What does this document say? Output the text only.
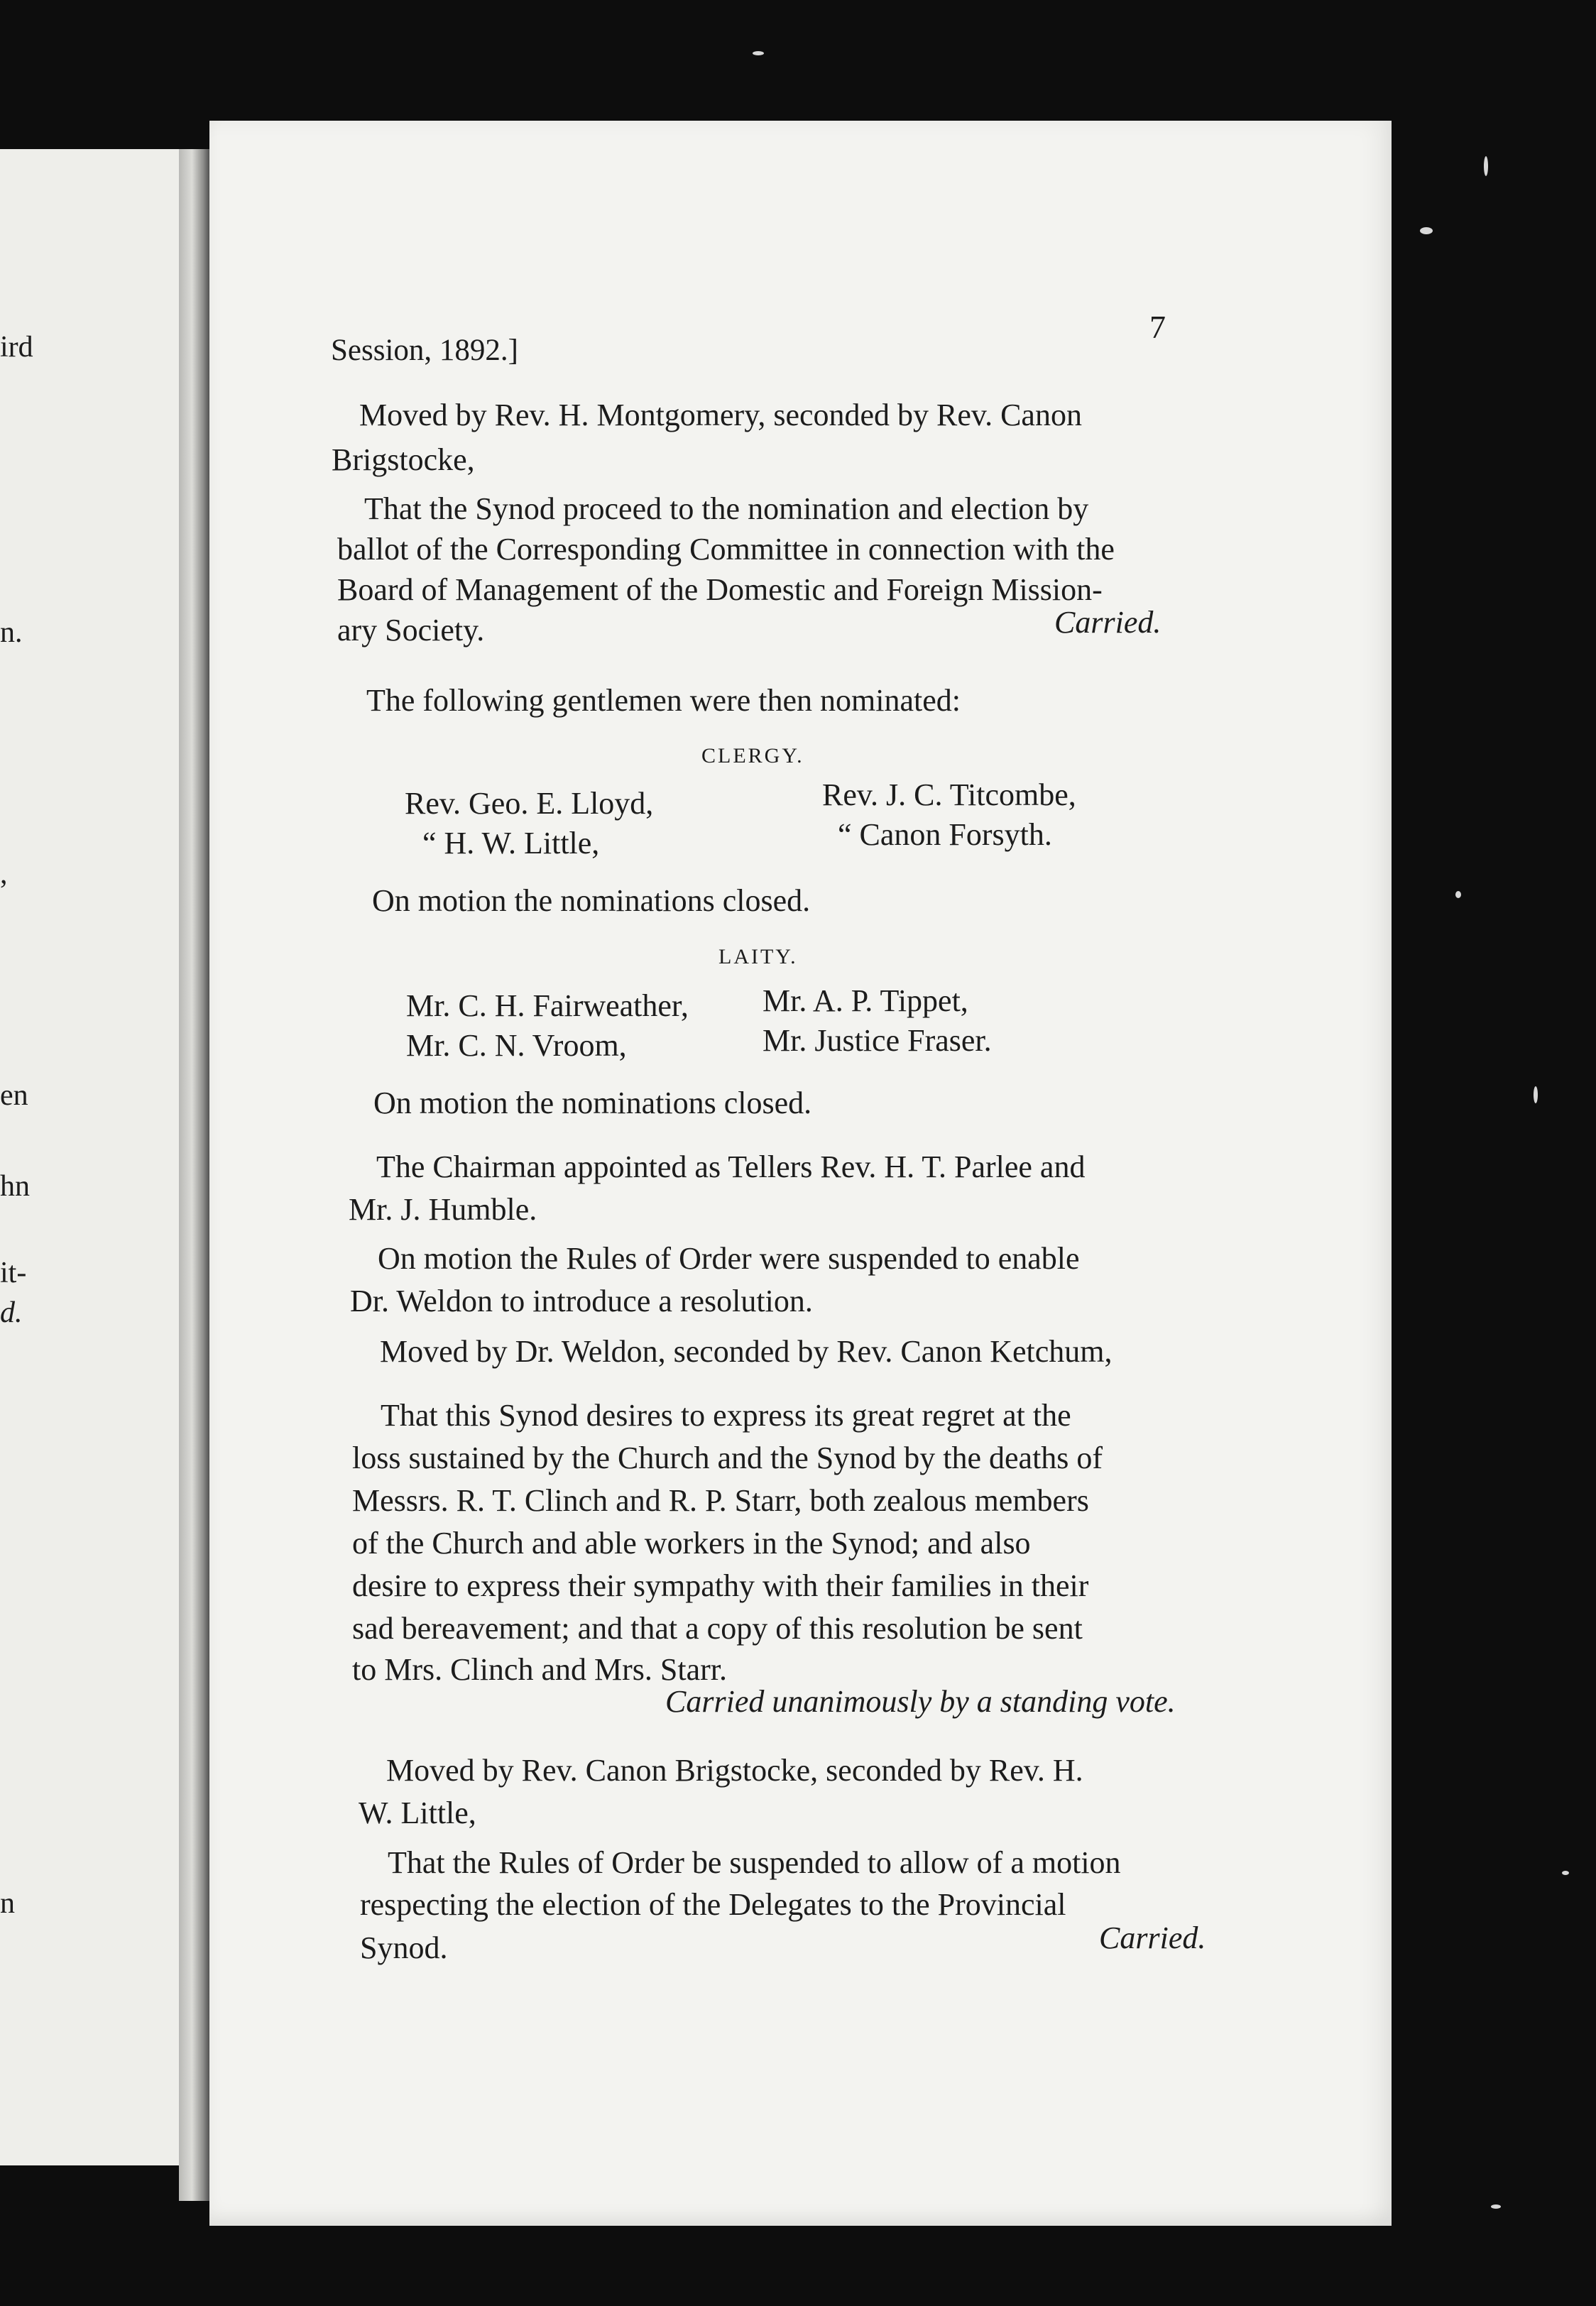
ird
n.
,
en
hn
it-
d.
n
Session, 1892.]
7
Moved by Rev. H. Montgomery, seconded by Rev. Canon
Brigstocke,
That the Synod proceed to the nomination and election by
ballot of the Corresponding Committee in connection with the
Board of Management of the Domestic and Foreign Mission-
ary Society.	Carried.
The following gentlemen were then nominated:
CLERGY.
Rev. Geo. E. Lloyd,
“ H. W. Little,
Rev. J. C. Titcombe,
“ Canon Forsyth.
On motion the nominations closed.
LAITY.
Mr. C. H. Fairweather,
Mr. C. N. Vroom,
Mr. A. P. Tippet,
Mr. Justice Fraser.
On motion the nominations closed.
The Chairman appointed as Tellers Rev. H. T. Parlee and
Mr. J. Humble.
On motion the Rules of Order were suspended to enable
Dr. Weldon to introduce a resolution.
Moved by Dr. Weldon, seconded by Rev. Canon Ketchum,
That this Synod desires to express its great regret at the
loss sustained by the Church and the Synod by the deaths of
Messrs. R. T. Clinch and R. P. Starr, both zealous members
of the Church and able workers in the Synod; and also
desire to express their sympathy with their families in their
sad bereavement; and that a copy of this resolution be sent
to Mrs. Clinch and Mrs. Starr.
Carried unanimously by a standing vote.
Moved by Rev. Canon Brigstocke, seconded by Rev. H.
W. Little,
That the Rules of Order be suspended to allow of a motion
respecting the election of the Delegates to the Provincial
Synod.	Carried.
